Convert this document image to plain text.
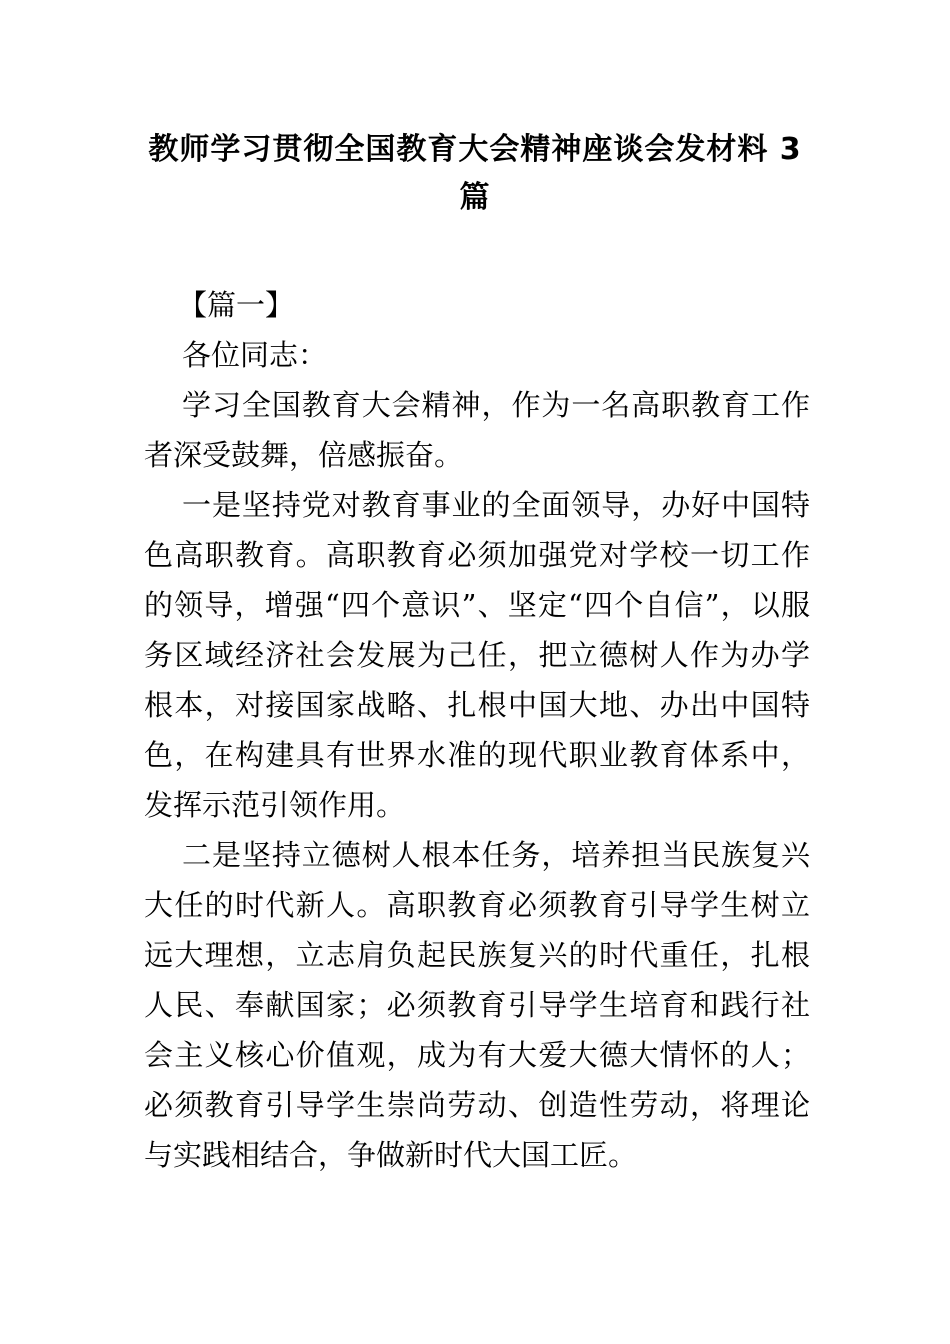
教师学习贯彻全国教育大会精神座谈会发材料 3 篇

【篇一】

各位同志：

学习全国教育大会精神，作为一名高职教育工作者深受鼓舞，倍感振奋。

一是坚持党对教育事业的全面领导，办好中国特色高职教育。高职教育必须加强党对学校一切工作的领导，增强“四个意识”、坚定“四个自信”，以服务区域经济社会发展为己任，把立德树人作为办学根本，对接国家战略、扎根中国大地、办出中国特色，在构建具有世界水准的现代职业教育体系中，发挥示范引领作用。

二是坚持立德树人根本任务，培养担当民族复兴大任的时代新人。高职教育必须教育引导学生树立远大理想，立志肩负起民族复兴的时代重任，扎根人民、奉献国家；必须教育引导学生培育和践行社会主义核心价值观，成为有大爱大德大情怀的人；必须教育引导学生崇尚劳动、创造性劳动，将理论与实践相结合，争做新时代大国工匠。
